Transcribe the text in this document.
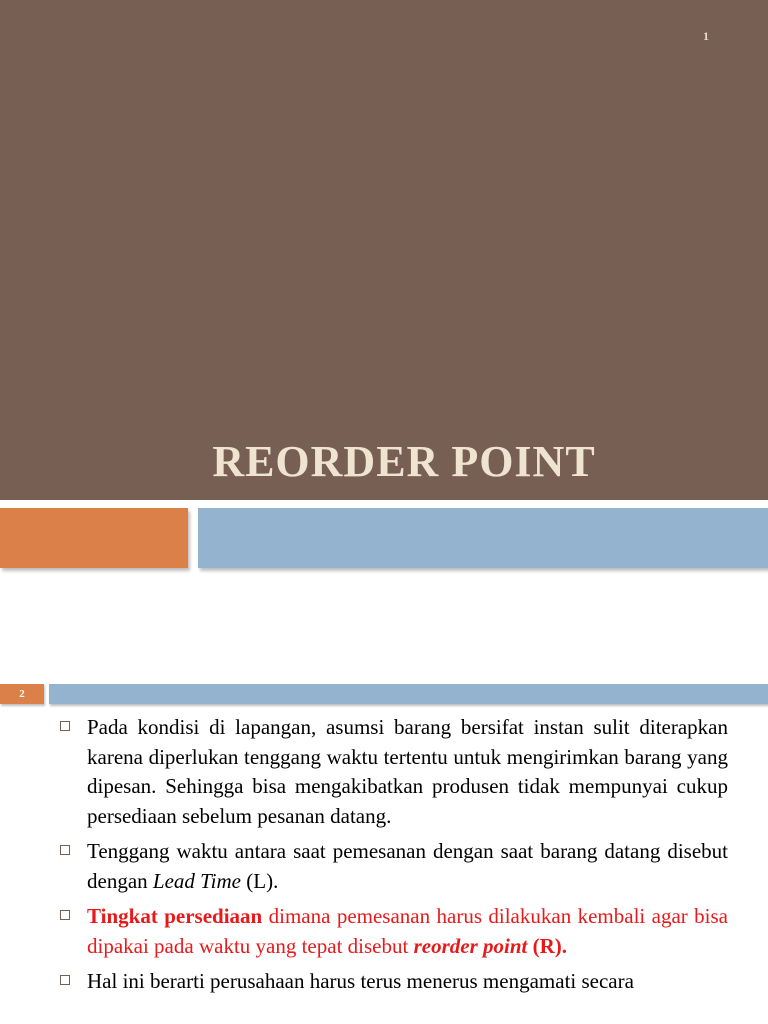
1
REORDER POINT
2
Pada kondisi di lapangan, asumsi barang bersifat instan sulit diterapkan karena diperlukan tenggang waktu tertentu untuk mengirimkan barang yang dipesan. Sehingga bisa mengakibatkan produsen tidak mempunyai cukup persediaan sebelum pesanan datang.
Tenggang waktu antara saat pemesanan dengan saat barang datang disebut dengan Lead Time (L).
Tingkat persediaan dimana pemesanan harus dilakukan kembali agar bisa dipakai pada waktu yang tepat disebut reorder point (R).
Hal ini berarti perusahaan harus terus menerus mengamati secara
